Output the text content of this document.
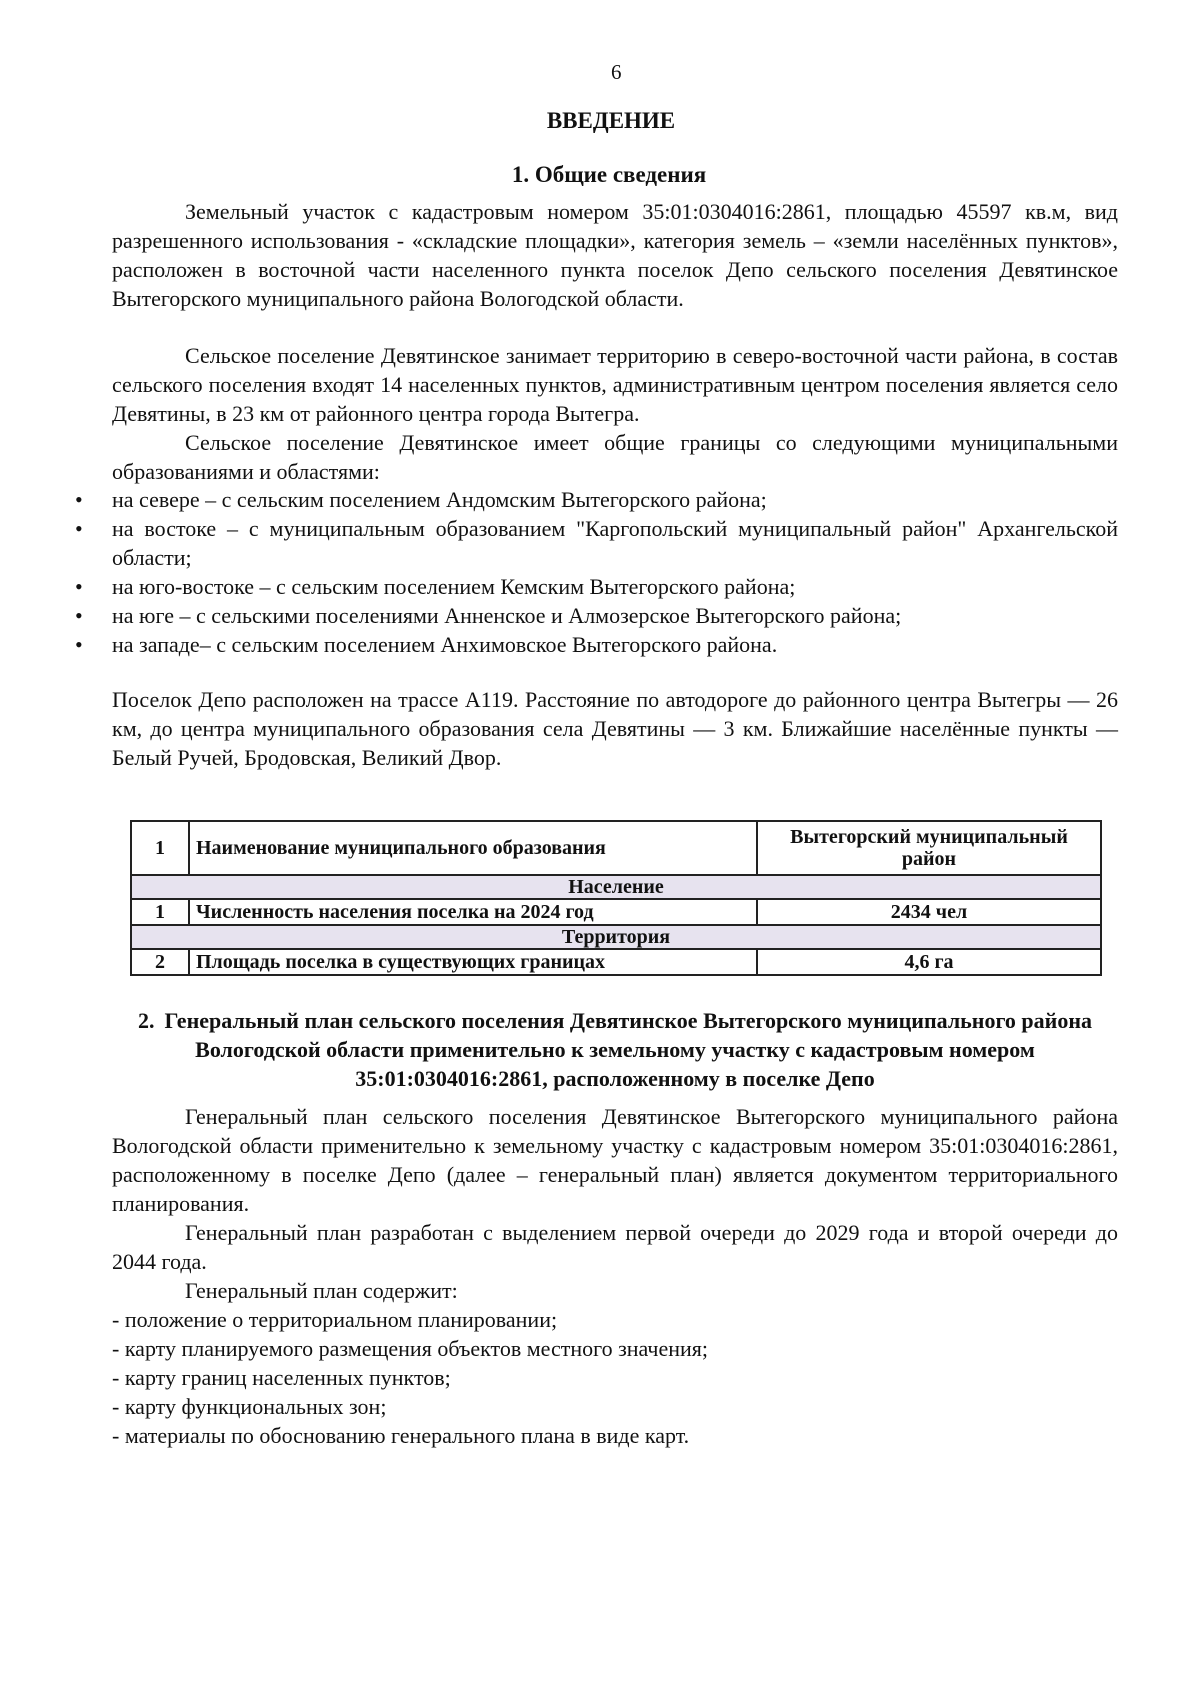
6
ВВЕДЕНИЕ
1. Общие сведения

Земельный участок с кадастровым номером 35:01:0304016:2861, площадью 45597 кв.м, вид разрешенного использования - «складские площадки», категория земель – «земли населённых пунктов», расположен в восточной части населенного пункта поселок Депо сельского поселения Девятинское Вытегорского муниципального района Вологодской области.

Сельское поселение Девятинское занимает территорию в северо-восточной части района, в состав сельского поселения входят 14 населенных пунктов, административным центром поселения является село Девятины, в 23 км от районного центра города Вытегра.

Сельское поселение Девятинское имеет общие границы со следующими муниципальными образованиями и областями:

• на севере – с сельским поселением Андомским Вытегорского района;
• на востоке – с муниципальным образованием "Каргопольский муниципальный район" Архангельской области;
• на юго-востоке – с сельским поселением Кемским Вытегорского района;
• на юге – с сельскими поселениями Анненское и Алмозерское Вытегорского района;
• на западе– с сельским поселением Анхимовское Вытегорского района.

Поселок Депо расположен на трассе А119. Расстояние по автодороге до районного центра Вытегры — 26 км, до центра муниципального образования села Девятины — 3 км. Ближайшие населённые пункты — Белый Ручей, Бродовская, Великий Двор.

1	Наименование муниципального образования	Вытегорский муниципальный район
Население		
1	Численность населения поселка на 2024 год	2434 чел
Территория		
2	Площадь поселка в существующих границах	4,6 га
2. Генеральный план сельского поселения Девятинское Вытегорского муниципального района Вологодской области применительно к земельному участку с кадастровым номером 35:01:0304016:2861, расположенному в поселке Депо

Генеральный план сельского поселения Девятинское Вытегорского муниципального района Вологодской области применительно к земельному участку с кадастровым номером 35:01:0304016:2861, расположенному в поселке Депо (далее – генеральный план) является документом территориального планирования.

Генеральный план разработан с выделением первой очереди до 2029 года и второй очереди до 2044 года.

Генеральный план содержит:

- положение о территориальном планировании;
- карту планируемого размещения объектов местного значения;
- карту границ населенных пунктов;
- карту функциональных зон;
- материалы по обоснованию генерального плана в виде карт.
